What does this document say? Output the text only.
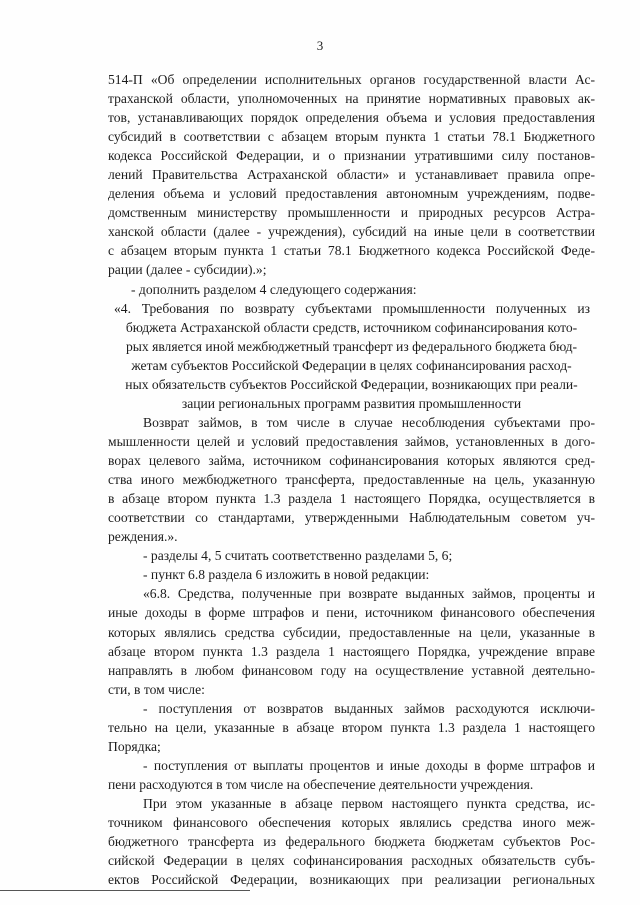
3
514-П «Об определении исполнительных органов государственной власти Ас-
траханской области, уполномоченных на принятие нормативных правовых ак-
тов, устанавливающих порядок определения объема и условия предоставления
субсидий в соответствии с абзацем вторым пункта 1 статьи 78.1 Бюджетного
кодекса Российской Федерации, и о признании утратившими силу постанов-
лений Правительства Астраханской области» и устанавливает правила опре-
деления объема и условий предоставления автономным учреждениям, подве-
домственным министерству промышленности и природных ресурсов Астра-
ханской области (далее - учреждения), субсидий на иные цели в соответствии
с абзацем вторым пункта 1 статьи 78.1 Бюджетного кодекса Российской Феде-
рации (далее - субсидии).»;
- дополнить разделом 4 следующего содержания:
«4. Требования по возврату субъектами промышленности полученных из
бюджета Астраханской области средств, источником софинансирования кото-
рых является иной межбюджетный трансферт из федерального бюджета бюд-
жетам субъектов Российской Федерации в целях софинансирования расход-
ных обязательств субъектов Российской Федерации, возникающих при реали-
зации региональных программ развития промышленности
Возврат займов, в том числе в случае несоблюдения субъектами про-
мышленности целей и условий предоставления займов, установленных в дого-
ворах целевого займа, источником софинансирования которых являются сред-
ства иного межбюджетного трансферта, предоставленные на цель, указанную
в абзаце втором пункта 1.3 раздела 1 настоящего Порядка, осуществляется в
соответствии со стандартами, утвержденными Наблюдательным советом уч-
реждения.».
- разделы 4, 5 считать соответственно разделами 5, 6;
- пункт 6.8 раздела 6 изложить в новой редакции:
«6.8. Средства, полученные при возврате выданных займов, проценты и
иные доходы в форме штрафов и пени, источником финансового обеспечения
которых являлись средства субсидии, предоставленные на цели, указанные в
абзаце втором пункта 1.3 раздела 1 настоящего Порядка, учреждение вправе
направлять в любом финансовом году на осуществление уставной деятельно-
сти, в том числе:
- поступления от возвратов выданных займов расходуются исключи-
тельно на цели, указанные в абзаце втором пункта 1.3 раздела 1 настоящего
Порядка;
- поступления от выплаты процентов и иные доходы в форме штрафов и
пени расходуются в том числе на обеспечение деятельности учреждения.
При этом указанные в абзаце первом настоящего пункта средства, ис-
точником финансового обеспечения которых являлись средства иного меж-
бюджетного трансферта из федерального бюджета бюджетам субъектов Рос-
сийской Федерации в целях софинансирования расходных обязательств субъ-
ектов Российской Федерации, возникающих при реализации региональных
